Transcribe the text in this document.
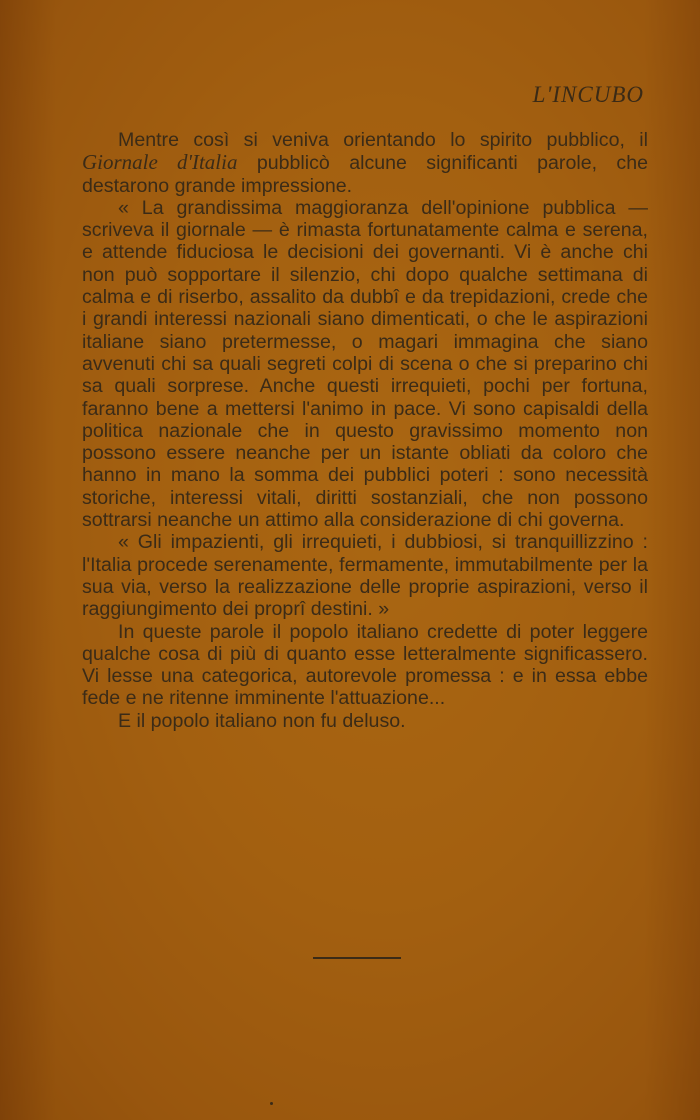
L'INCUBO

Mentre così si veniva orientando lo spirito pubblico, il Giornale d'Italia pubblicò alcune significanti parole, che destarono grande impressione.

« La grandissima maggioranza dell'opinione pubblica — scriveva il giornale — è rimasta fortunatamente calma e serena, e attende fiduciosa le decisioni dei governanti. Vi è anche chi non può sopportare il silenzio, chi dopo qualche settimana di calma e di riserbo, assalito da dubbî e da trepidazioni, crede che i grandi interessi nazionali siano dimenticati, o che le aspirazioni italiane siano pretermesse, o magari immagina che siano avvenuti chi sa quali segreti colpi di scena o che si preparino chi sa quali sorprese. Anche questi irrequieti, pochi per fortuna, faranno bene a mettersi l'animo in pace. Vi sono capisaldi della politica nazionale che in questo gravissimo momento non possono essere neanche per un istante obliati da coloro che hanno in mano la somma dei pubblici poteri : sono necessità storiche, interessi vitali, diritti sostanziali, che non possono sottrarsi neanche un attimo alla considerazione di chi governa.

« Gli impazienti, gli irrequieti, i dubbiosi, si tranquillizzino : l'Italia procede serenamente, fermamente, immutabilmente per la sua via, verso la realizzazione delle proprie aspirazioni, verso il raggiungimento dei proprî destini. »

In queste parole il popolo italiano credette di poter leggere qualche cosa di più di quanto esse letteralmente significassero. Vi lesse una categorica, autorevole promessa : e in essa ebbe fede e ne ritenne imminente l'attuazione...

E il popolo italiano non fu deluso.
